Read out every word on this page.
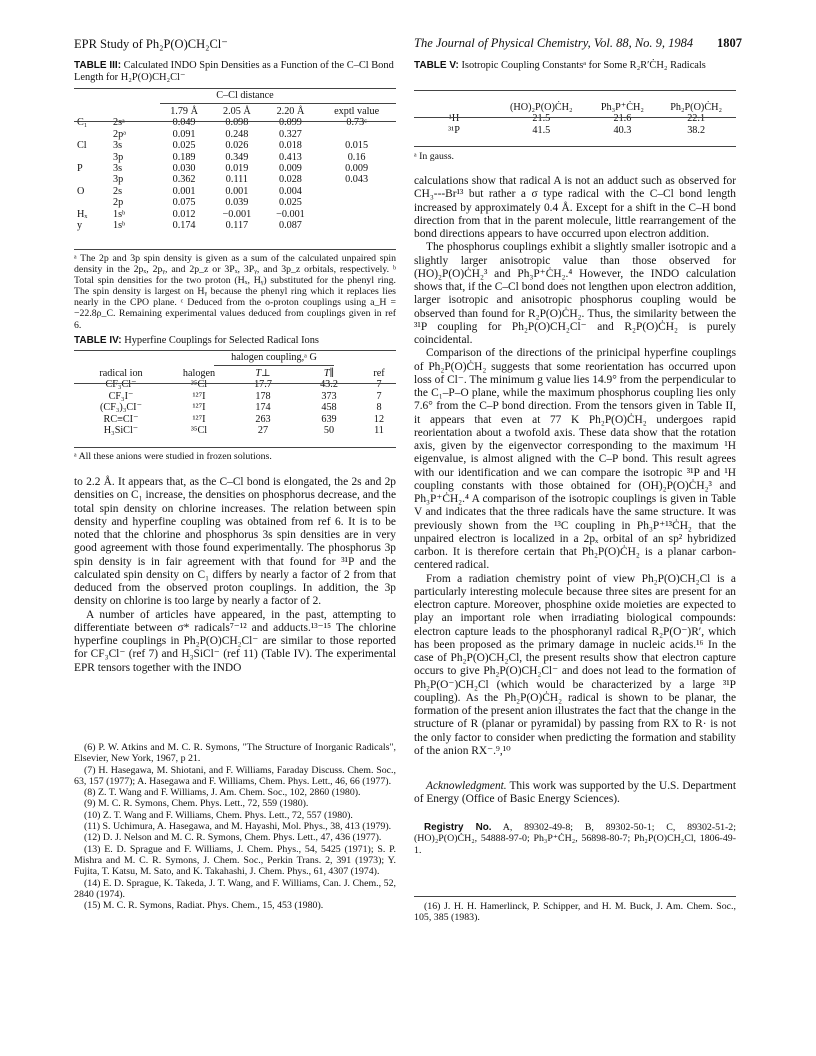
EPR Study of Ph₂P(O)CH₂Cl⁻	The Journal of Physical Chemistry, Vol. 88, No. 9, 1984 1807
TABLE III: Calculated INDO Spin Densities as a Function of the C–Cl Bond Length for H₂P(O)CH₂Cl⁻
C–Cl distance
		1.79 Å	2.05 Å	2.20 Å	exptl value
C₁	2sᵃ	0.049	0.098	0.099	0.73ᶜ
	2pᵃ	0.091	0.248	0.327	
Cl	3s	0.025	0.026	0.018	0.015
	3p	0.189	0.349	0.413	0.16
P	3s	0.030	0.019	0.009	0.009
	3p	0.362	0.111	0.028	0.043
O	2s	0.001	0.001	0.004	
	2p	0.075	0.039	0.025	
Hₓ	1sᵇ	0.012	−0.001	−0.001	
y	1sᵇ	0.174	0.117	0.087	
ᵃ The 2p and 3p spin density is given as a sum of the calculated unpaired spin density in the 2pₓ, 2pᵧ, and 2p_z or 3Pₓ, 3Pᵧ, and 3p_z orbitals, respectively. ᵇ Total spin densities for the two proton (Hₓ, Hᵧ) substituted for the phenyl ring. The spin density is largest on Hᵧ because the phenyl ring which it replaces lies nearly in the CPO plane. ᶜ Deduced from the o-proton couplings using a_H = −22.8ρ_C. Remaining experimental values deduced from couplings given in ref 6.
TABLE IV: Hyperfine Couplings for Selected Radical Ions
halogen coupling,ᵃ G
radical ion	halogen	T⊥	T∥	ref
CF₃Cl⁻	³⁵Cl	17.7	43.2	7
CF₃I⁻	¹²⁷I	178	373	7
(CF₃)₃CI⁻	¹²⁷I	174	458	8
RC≡CI⁻	¹²⁷I	263	639	12
H₃SiCl⁻	³⁵Cl	27	50	11
ᵃ All these anions were studied in frozen solutions.

to 2.2 Å. It appears that, as the C–Cl bond is elongated, the 2s and 2p densities on C₁ increase, the densities on phosphorus decrease, and the total spin density on chlorine increases. The relation between spin density and hyperfine coupling was obtained from ref 6. It is to be noted that the chlorine and phosphorus 3s spin densities are in very good agreement with those found experimentally. The phosphorus 3p spin density is in fair agreement with that found for ³¹P and the calculated spin density on C₁ differs by nearly a factor of 2 from that deduced from the observed proton couplings. In addition, the 3p density on chlorine is too large by nearly a factor of 2.

A number of articles have appeared, in the past, attempting to differentiate between σ* radicals⁷⁻¹² and adducts.¹³⁻¹⁵ The chlorine hyperfine couplings in Ph₂P(O)CH₂Cl⁻ are similar to those reported for CF₃Cl⁻ (ref 7) and H₃SiCl⁻ (ref 11) (Table IV). The experimental EPR tensors together with the INDO

(6) P. W. Atkins and M. C. R. Symons, "The Structure of Inorganic Radicals", Elsevier, New York, 1967, p 21.

(7) H. Hasegawa, M. Shiotani, and F. Williams, Faraday Discuss. Chem. Soc., 63, 157 (1977); A. Hasegawa and F. Williams, Chem. Phys. Lett., 46, 66 (1977).

(8) Z. T. Wang and F. Williams, J. Am. Chem. Soc., 102, 2860 (1980).

(9) M. C. R. Symons, Chem. Phys. Lett., 72, 559 (1980).

(10) Z. T. Wang and F. Williams, Chem. Phys. Lett., 72, 557 (1980).

(11) S. Uchimura, A. Hasegawa, and M. Hayashi, Mol. Phys., 38, 413 (1979).

(12) D. J. Nelson and M. C. R. Symons, Chem. Phys. Lett., 47, 436 (1977).

(13) E. D. Sprague and F. Williams, J. Chem. Phys., 54, 5425 (1971); S. P. Mishra and M. C. R. Symons, J. Chem. Soc., Perkin Trans. 2, 391 (1973); Y. Fujita, T. Katsu, M. Sato, and K. Takahashi, J. Chem. Phys., 61, 4307 (1974).

(14) E. D. Sprague, K. Takeda, J. T. Wang, and F. Williams, Can. J. Chem., 52, 2840 (1974).

(15) M. C. R. Symons, Radiat. Phys. Chem., 15, 453 (1980).

TABLE V: Isotropic Coupling Constantsᵃ for Some R₂R′ĊH₂ Radicals
	(HO)₂P(O)ĊH₂	Ph₃P⁺ĊH₂	Ph₂P(O)ĊH₂
¹H	21.5	21.6	22.1
³¹P	41.5	40.3	38.2
ᵃ In gauss.

calculations show that radical A is not an adduct such as observed for CH₃---Br¹³ but rather a σ type radical with the C–Cl bond length increased by approximately 0.4 Å. Except for a shift in the C–H bond direction from that in the parent molecule, little rearrangement of the bond directions appears to have occurred upon electron addition.

The phosphorus couplings exhibit a slightly smaller isotropic and a slightly larger anisotropic value than those observed for (HO)₂P(O)ĊH₂³ and Ph₃P⁺ĊH₂.⁴ However, the INDO calculation shows that, if the C–Cl bond does not lengthen upon electron addition, larger isotropic and anisotropic phosphorus coupling would be observed than found for R₂P(O)ĊH₂. Thus, the similarity between the ³¹P coupling for Ph₂P(O)CH₂Cl⁻ and R₂P(O)ĊH₂ is purely coincidental.

Comparison of the directions of the prinicipal hyperfine couplings of Ph₂P(O)ĊH₂ suggests that some reorientation has occurred upon loss of Cl⁻. The minimum g value lies 14.9° from the perpendicular to the C₁–P–O plane, while the maximum phosphorus coupling lies only 7.6° from the C–P bond direction. From the tensors given in Table II, it appears that even at 77 K Ph₂P(O)ĊH₂ undergoes rapid reorientation about a twofold axis. These data show that the rotation axis, given by the eigenvector corresponding to the maximum ¹H eigenvalue, is almost aligned with the C–P bond. This result agrees with our identification and we can compare the isotropic ³¹P and ¹H coupling constants with those obtained for (OH)₂P(O)ĊH₂³ and Ph₃P⁺ĊH₂.⁴ A comparison of the isotropic couplings is given in Table V and indicates that the three radicals have the same structure. It was previously shown from the ¹³C coupling in Ph₃P⁺¹³ĊH₂ that the unpaired electron is localized in a 2pₓ orbital of an sp² hybridized carbon. It is therefore certain that Ph₂P(O)ĊH₂ is a planar carbon-centered radical.

From a radiation chemistry point of view Ph₂P(O)CH₂Cl is a particularly interesting molecule because three sites are present for an electron capture. Moreover, phosphine oxide moieties are expected to play an important role when irradiating biological compounds: electron capture leads to the phosphoranyl radical R₂P(O⁻)R′, which has been proposed as the primary damage in nucleic acids.¹⁶ In the case of Ph₂P(O)CH₂Cl, the present results show that electron capture occurs to give Ph₂P(O)CH₂Cl⁻ and does not lead to the formation of Ph₂P(O⁻)CH₂Cl (which would be characterized by a large ³¹P coupling). As the Ph₂P(O)ĊH₂ radical is shown to be planar, the formation of the present anion illustrates the fact that the change in the structure of R (planar or pyramidal) by passing from RX to R· is not the only factor to consider when predicting the formation and stability of the anion RX⁻.⁹,¹⁰

Acknowledgment. This work was supported by the U.S. Department of Energy (Office of Basic Energy Sciences).

Registry No. A, 89302-49-8; B, 89302-50-1; C, 89302-51-2; (HO)₂P(O)ĊH₂, 54888-97-0; Ph₃P⁺ĊH₂, 56898-80-7; Ph₂P(O)CH₂Cl, 1806-49-1.

(16) J. H. H. Hamerlinck, P. Schipper, and H. M. Buck, J. Am. Chem. Soc., 105, 385 (1983).
